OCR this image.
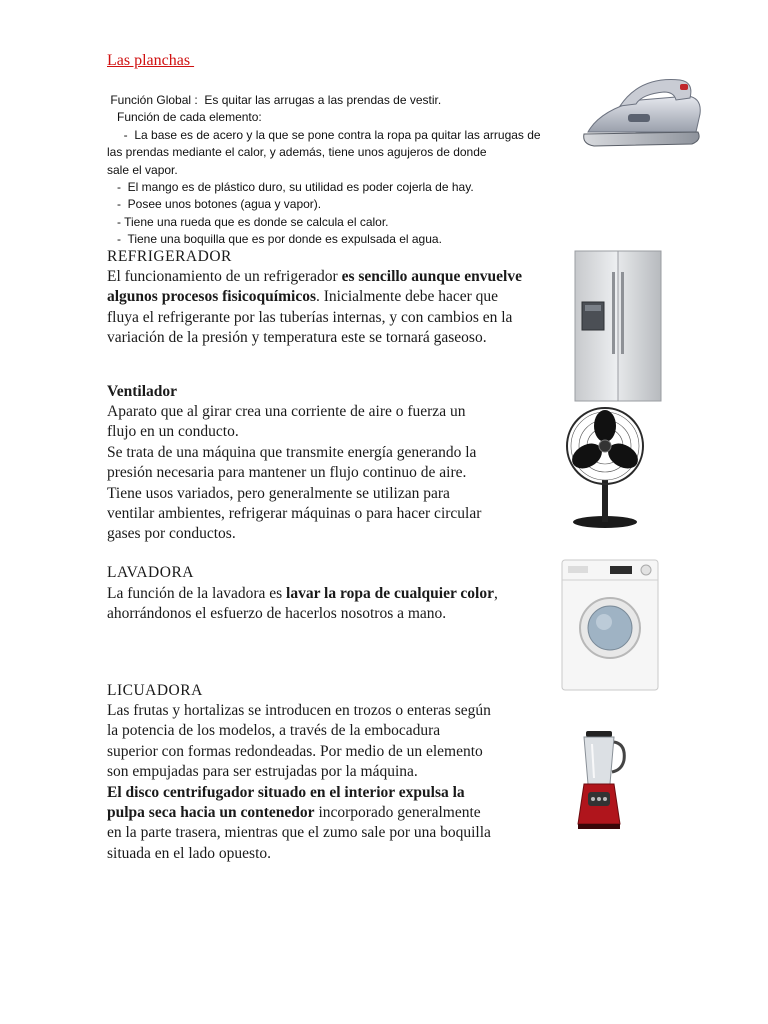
Las planchas
Función Global :  Es quitar las arrugas a las prendas de vestir.
Función de cada elemento:
-  La base es de acero y la que se pone contra la ropa pa quitar las arrugas de
las prendas mediante el calor, y además, tiene unos agujeros de donde
sale el vapor.
-  El mango es de plástico duro, su utilidad es poder cojerla de hay.
-  Posee unos botones (agua y vapor).
- Tiene una rueda que es donde se calcula el calor.
-  Tiene una boquilla que es por donde es expulsada el agua.
REFRIGERADOR
El funcionamiento de un refrigerador es sencillo aunque envuelve
algunos procesos fisicoquímicos. Inicialmente debe hacer que
fluya el refrigerante por las tuberías internas, y con cambios en la
variación de la presión y temperatura este se tornará gaseoso.
Ventilador
Aparato que al girar crea una corriente de aire o fuerza un
flujo en un conducto.
Se trata de una máquina que transmite energía generando la
presión necesaria para mantener un flujo continuo de aire.
Tiene usos variados, pero generalmente se utilizan para
ventilar ambientes, refrigerar máquinas o para hacer circular
gases por conductos.
LAVADORA
La función de la lavadora es lavar la ropa de cualquier color,
ahorrándonos el esfuerzo de hacerlos nosotros a mano.
LICUADORA
Las frutas y hortalizas se introducen en trozos o enteras según
la potencia de los modelos, a través de la embocadura
superior con formas redondeadas. Por medio de un elemento
son empujadas para ser estrujadas por la máquina.
El disco centrifugador situado en el interior expulsa la
pulpa seca hacia un contenedor incorporado generalmente
en la parte trasera, mientras que el zumo sale por una boquilla
situada en el lado opuesto.
